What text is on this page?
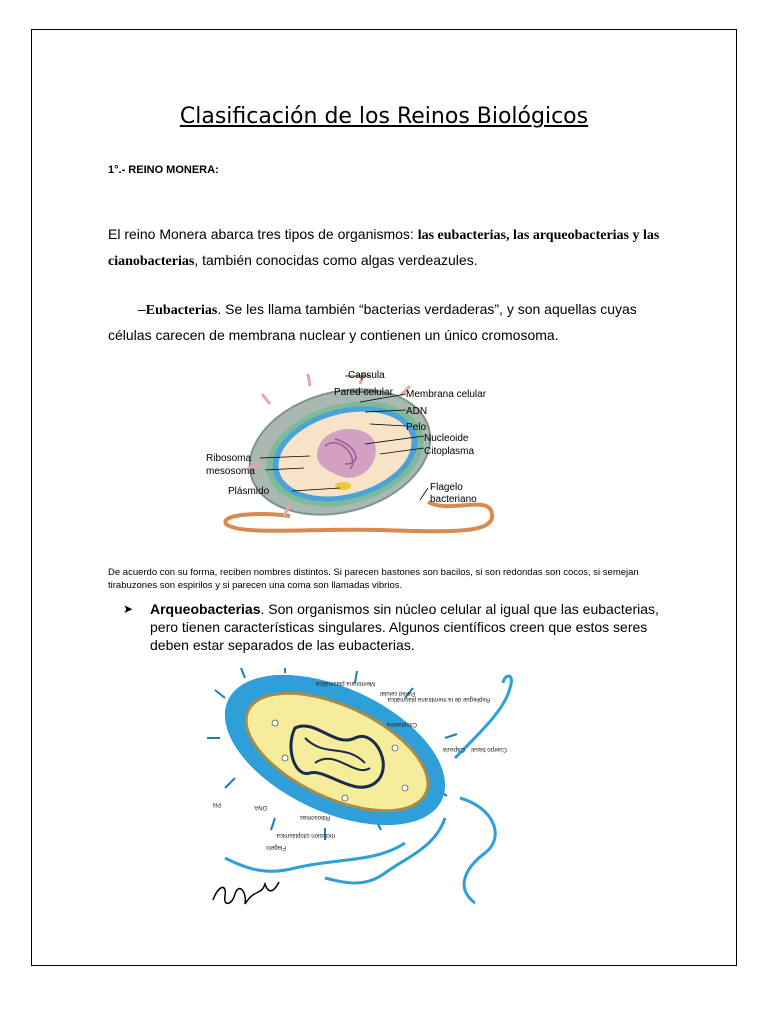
Clasificación de los Reinos Biológicos
1°.- REINO MONERA:
El reino Monera abarca tres tipos de organismos: las eubacterias, las arqueobacterias y las cianobacterias, también conocidas como algas verdeazules.
–Eubacterias. Se les llama también “bacterias verdaderas”, y son aquellas cuyas células carecen de membrana nuclear y contienen un único cromosoma.
Capsula
Pared celular Membrana celular
ADN
Pelo
Nucleoide
Citoplasma
Ribosoma
mesosoma
Plásmido	Flagelo
bacteriano
De acuerdo con su forma, reciben nombres distintos. Si parecen bastones son bacilos, si son redondas son cocos, si semejan tirabuzones son espirilos y si parecen una coma son llamadas vibrios.
➤ Arqueobacterias. Son organismos sin núcleo celular al igual que las eubacterias, pero tienen características singulares. Algunos científicos creen que estos seres deben estar separados de las eubacterias.
Membrana plasmática
Pared celular
Repliegue de la membrana plasmática
Citoplasma
Cápsula Cuerpo basal
Pili	DNA
Ribosomas
Inclusión citoplásmica
Flagelo
